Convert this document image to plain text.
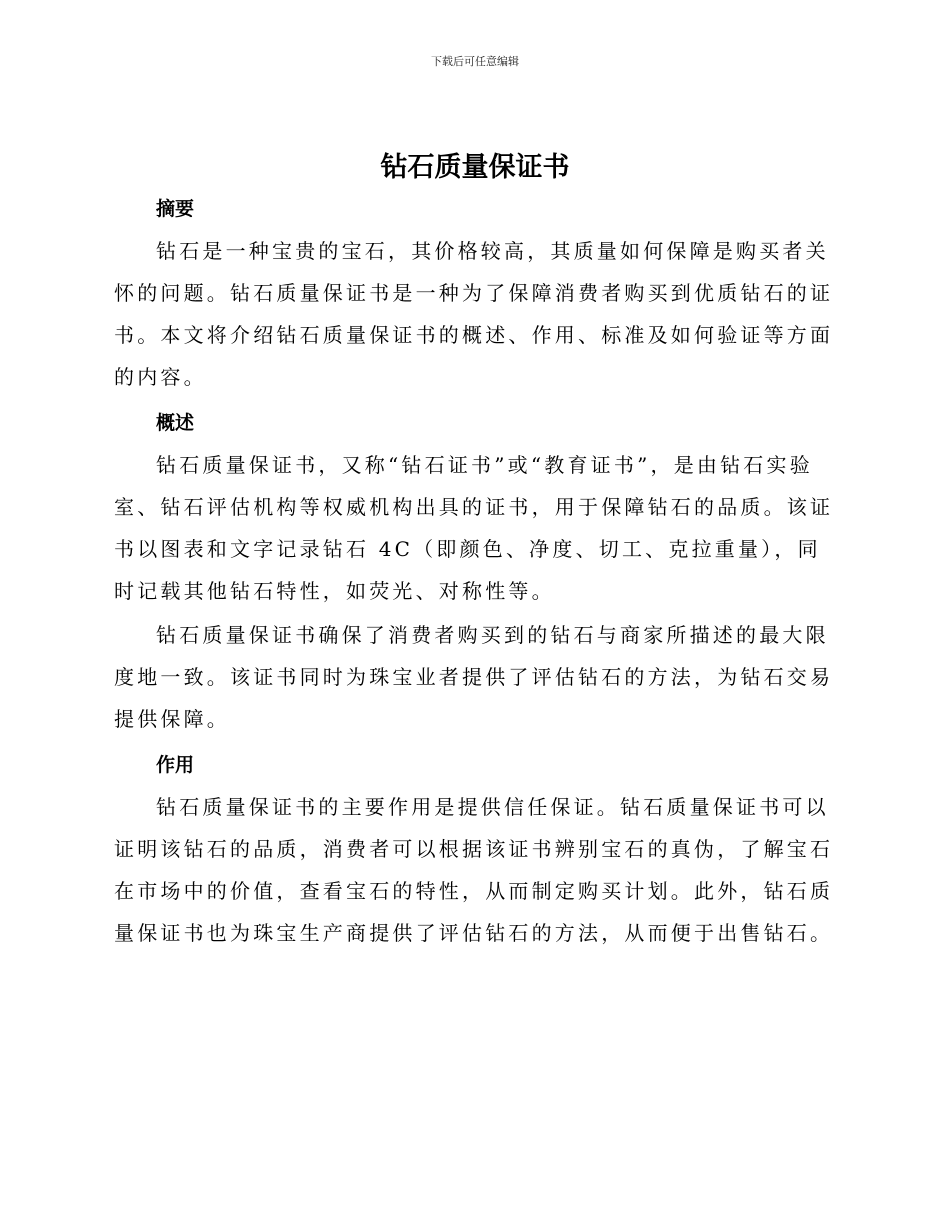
下载后可任意编辑
钻石质量保证书
摘要

钻石是一种宝贵的宝石，其价格较高，其质量如何保障是购买者关怀的问题。钻石质量保证书是一种为了保障消费者购买到优质钻石的证书。本文将介绍钻石质量保证书的概述、作用、标准及如何验证等方面的内容。

概述

钻石质量保证书，又称“钻石证书”或“教育证书”，是由钻石实验室、钻石评估机构等权威机构出具的证书，用于保障钻石的品质。该证书以图表和文字记录钻石 4C（即颜色、净度、切工、克拉重量），同时记载其他钻石特性，如荧光、对称性等。

钻石质量保证书确保了消费者购买到的钻石与商家所描述的最大限度地一致。该证书同时为珠宝业者提供了评估钻石的方法，为钻石交易提供保障。

作用

钻石质量保证书的主要作用是提供信任保证。钻石质量保证书可以证明该钻石的品质，消费者可以根据该证书辨别宝石的真伪，了解宝石在市场中的价值，查看宝石的特性，从而制定购买计划。此外，钻石质量保证书也为珠宝生产商提供了评估钻石的方法，从而便于出售钻石。
